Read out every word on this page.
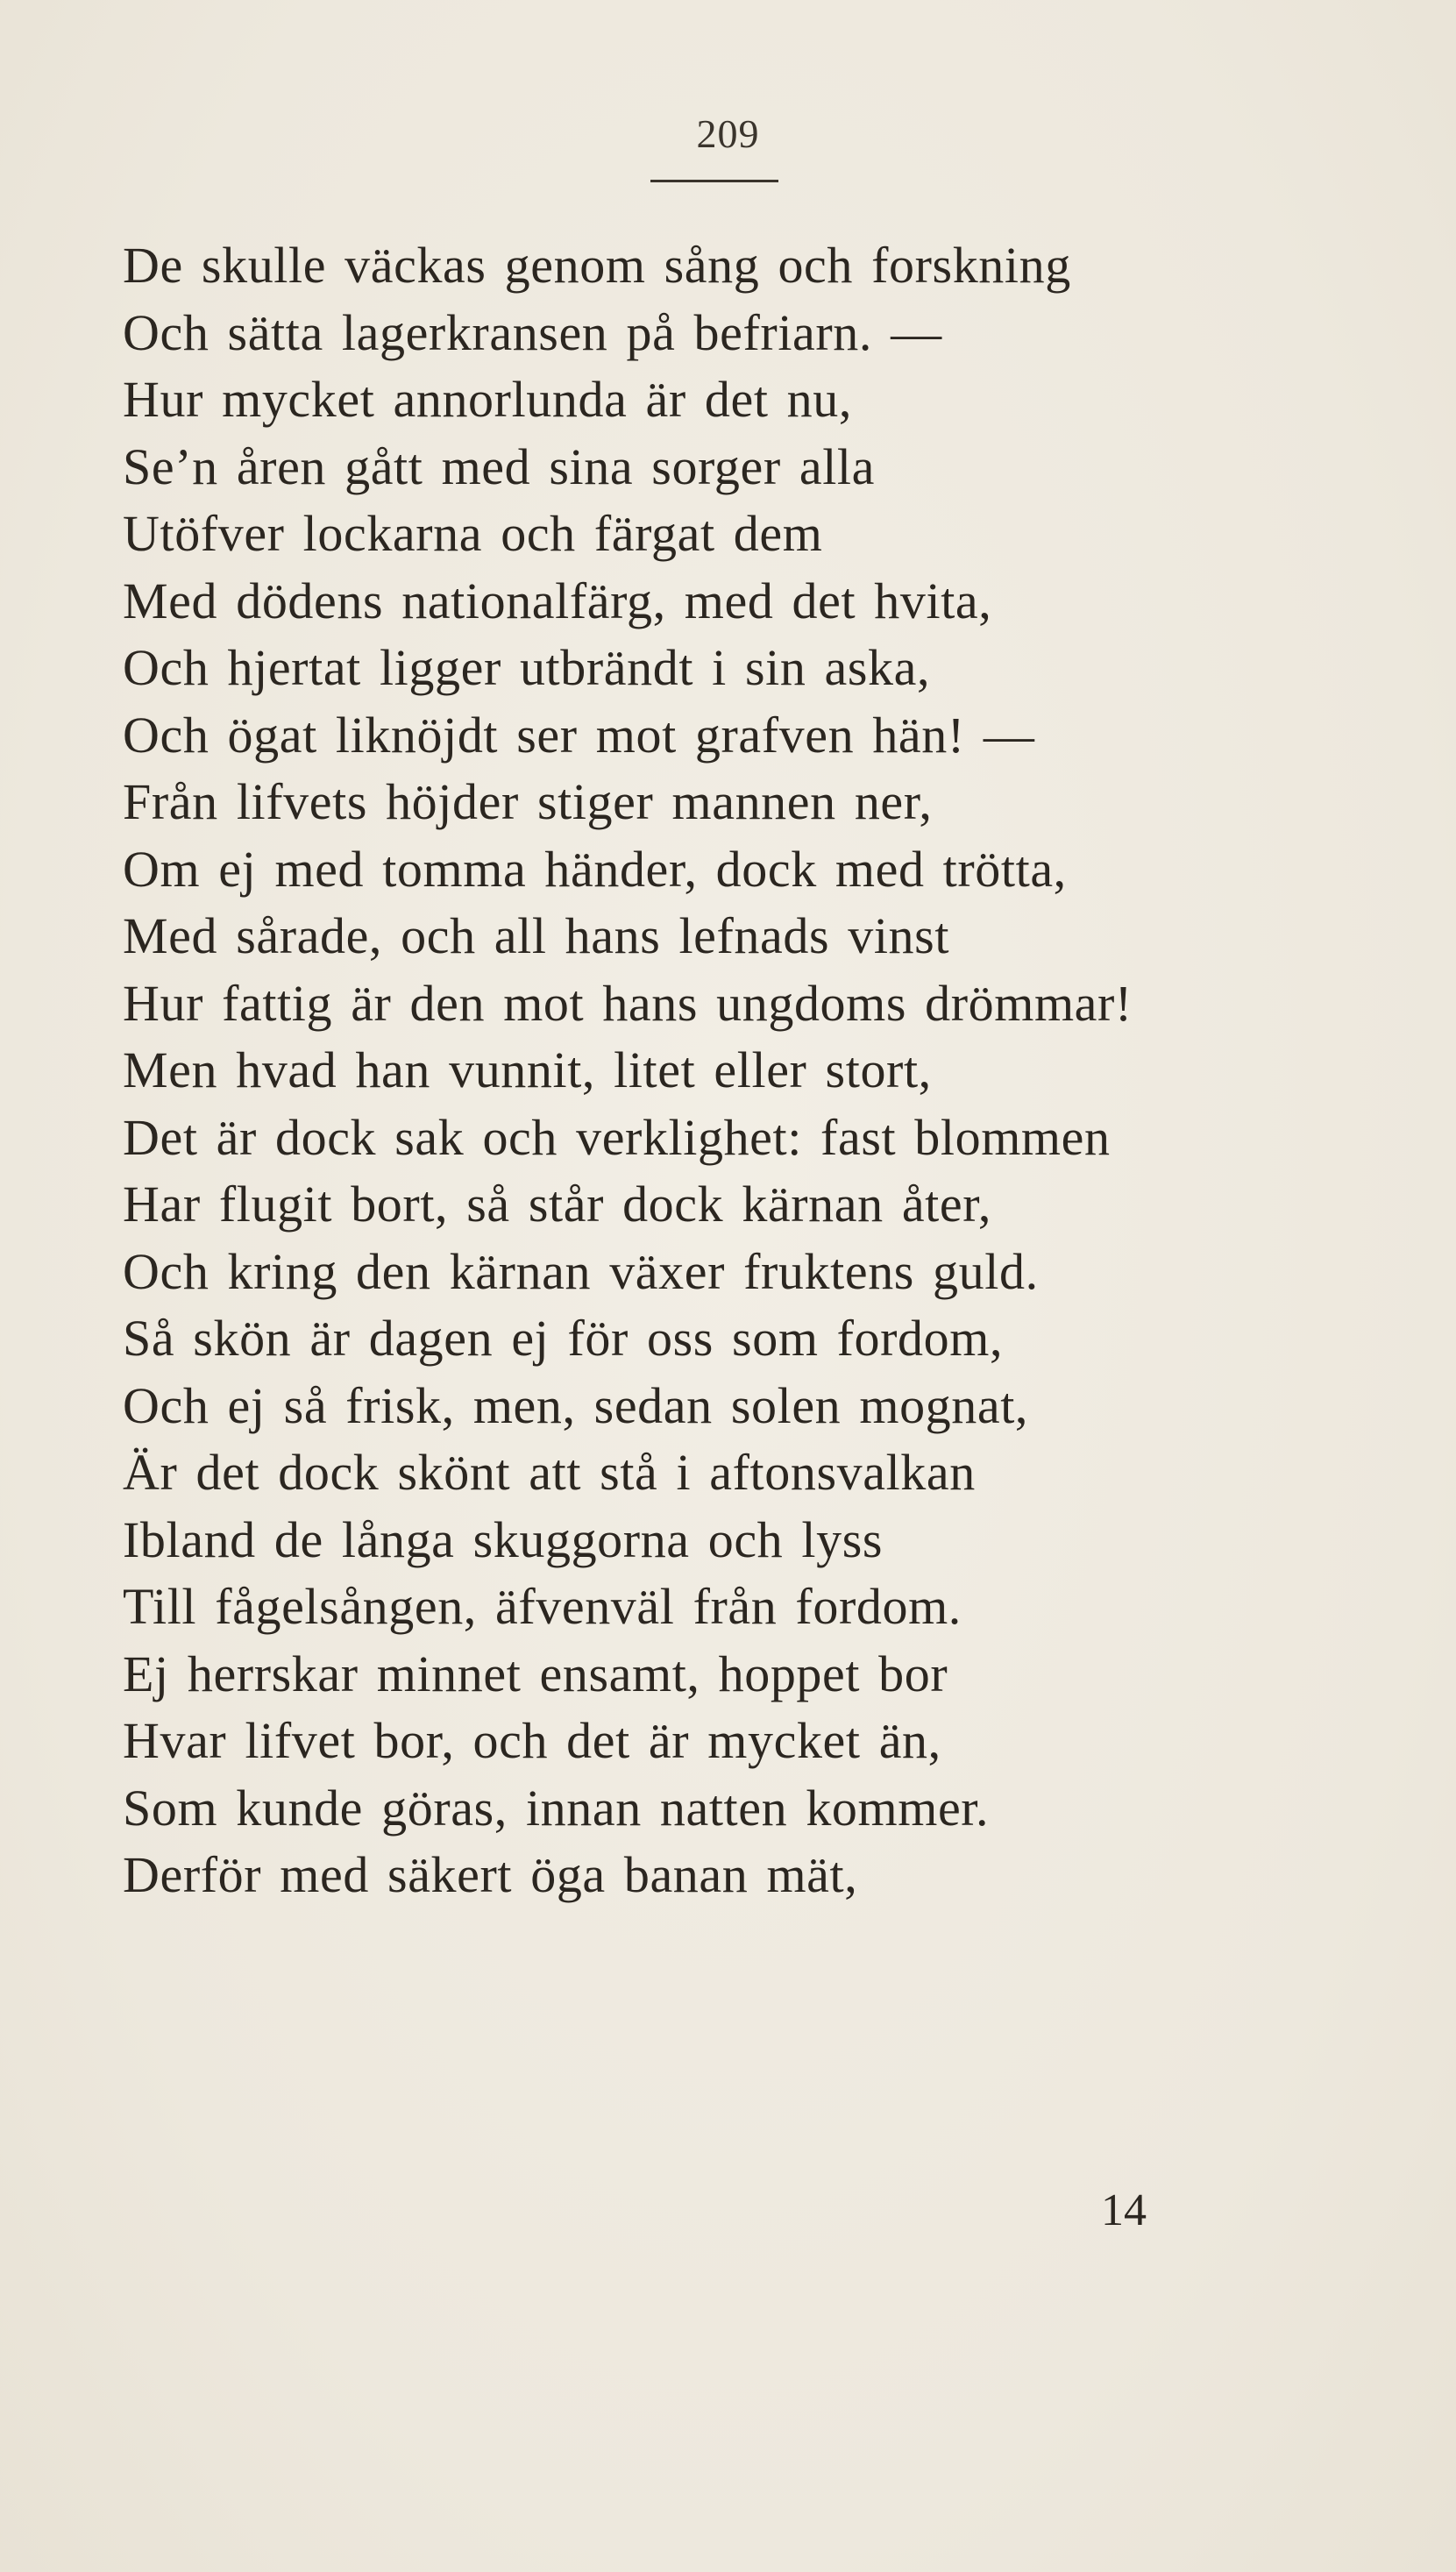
209
De skulle väckas genom sång och forskning
Och sätta lagerkransen på befriarn. —
Hur mycket annorlunda är det nu,
Se’n åren gått med sina sorger alla
Utöfver lockarna och färgat dem
Med dödens nationalfärg, med det hvita,
Och hjertat ligger utbrändt i sin aska,
Och ögat liknöjdt ser mot grafven hän! —
Från lifvets höjder stiger mannen ner,
Om ej med tomma händer, dock med trötta,
Med sårade, och all hans lefnads vinst
Hur fattig är den mot hans ungdoms drömmar!
Men hvad han vunnit, litet eller stort,
Det är dock sak och verklighet: fast blommen
Har flugit bort, så står dock kärnan åter,
Och kring den kärnan växer fruktens guld.
Så skön är dagen ej för oss som fordom,
Och ej så frisk, men, sedan solen mognat,
Är det dock skönt att stå i aftonsvalkan
Ibland de långa skuggorna och lyss
Till fågelsången, äfvenväl från fordom.
Ej herrskar minnet ensamt, hoppet bor
Hvar lifvet bor, och det är mycket än,
Som kunde göras, innan natten kommer.
Derför med säkert öga banan mät,
14
